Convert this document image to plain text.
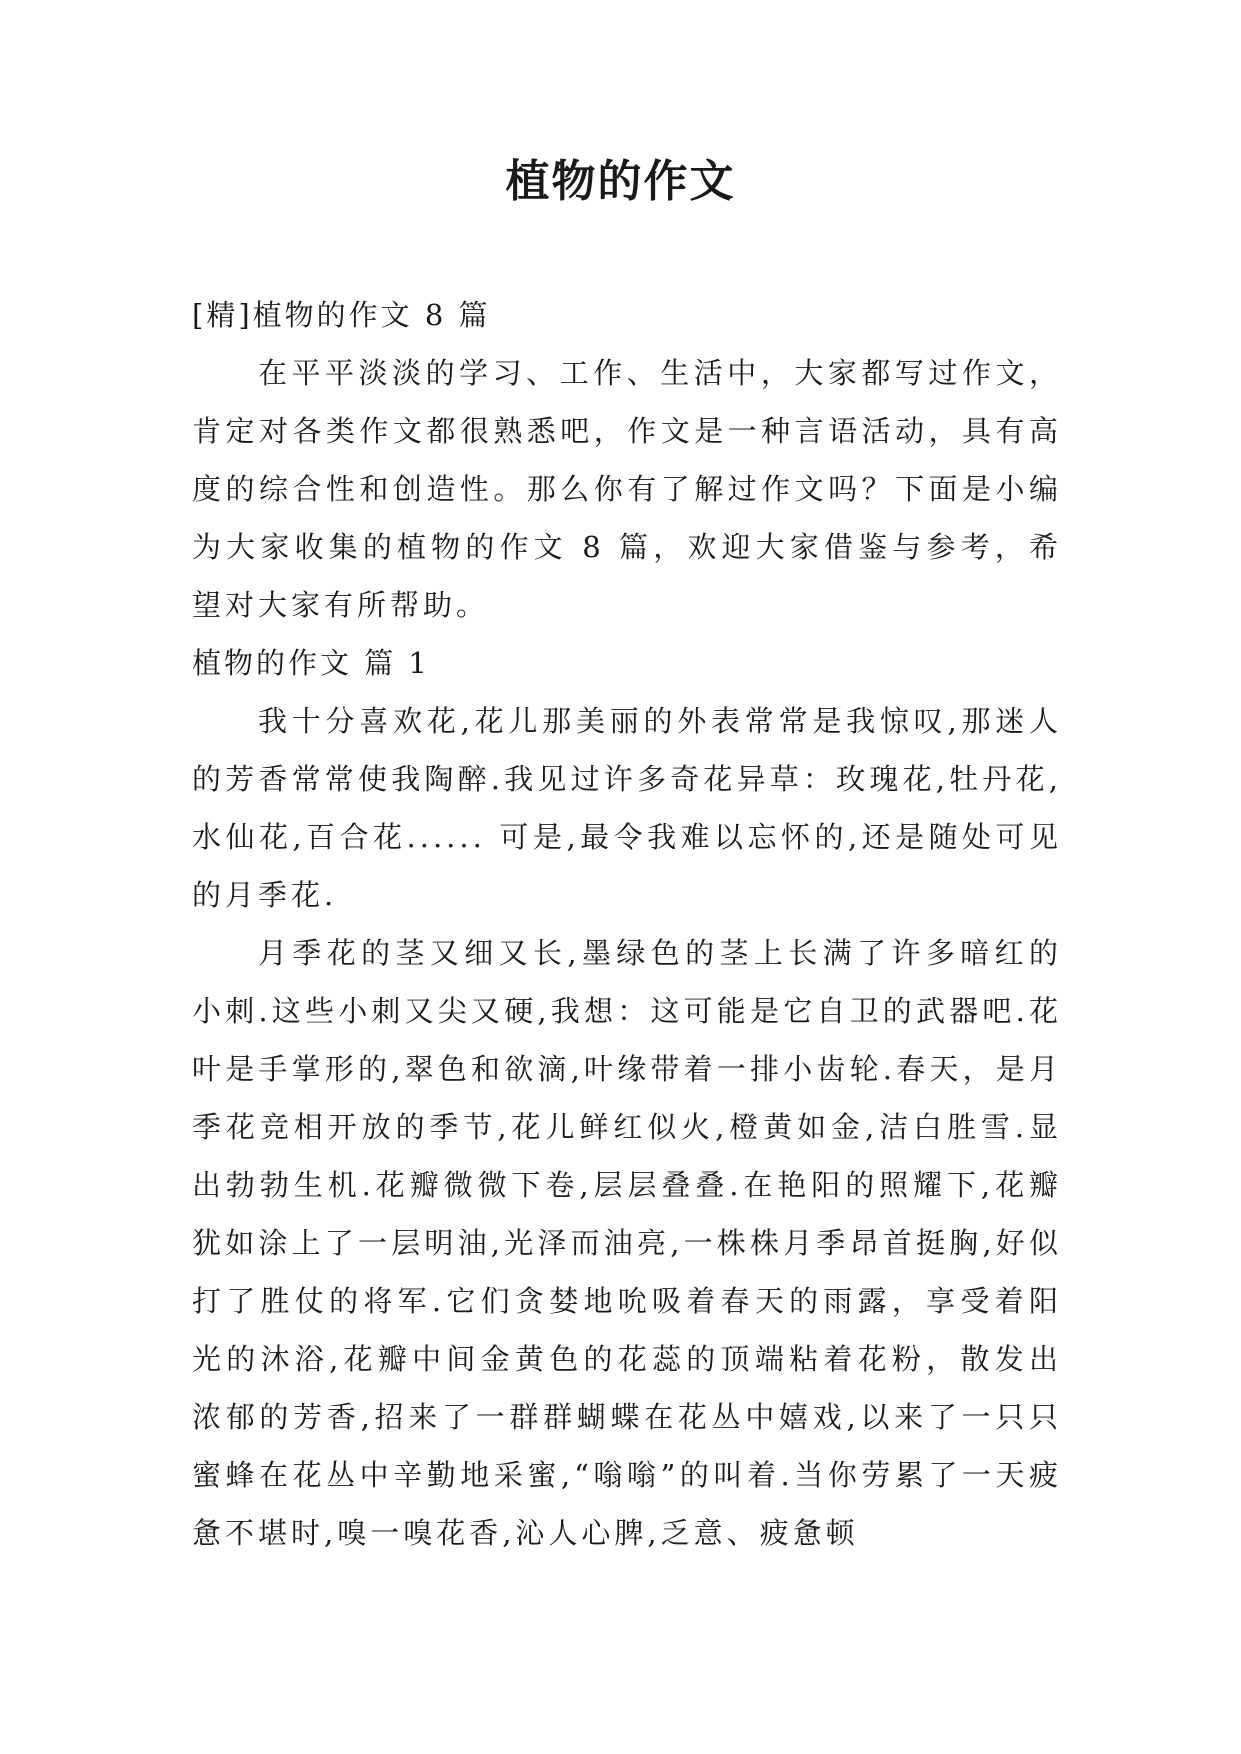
植物的作文

[精]植物的作文 8 篇

在平平淡淡的学习、工作、生活中，大家都写过作文，肯定对各类作文都很熟悉吧，作文是一种言语活动，具有高度的综合性和创造性。那么你有了解过作文吗？下面是小编为大家收集的植物的作文 8 篇，欢迎大家借鉴与参考，希望对大家有所帮助。

植物的作文 篇 1

我十分喜欢花,花儿那美丽的外表常常是我惊叹,那迷人的芳香常常使我陶醉.我见过许多奇花异草：玫瑰花,牡丹花,水仙花,百合花...... 可是,最令我难以忘怀的,还是随处可见的月季花.

月季花的茎又细又长,墨绿色的茎上长满了许多暗红的小刺.这些小刺又尖又硬,我想：这可能是它自卫的武器吧.花叶是手掌形的,翠色和欲滴,叶缘带着一排小齿轮.春天，是月季花竞相开放的季节,花儿鲜红似火,橙黄如金,洁白胜雪.显出勃勃生机.花瓣微微下卷,层层叠叠.在艳阳的照耀下,花瓣犹如涂上了一层明油,光泽而油亮,一株株月季昂首挺胸,好似打了胜仗的将军.它们贪婪地吮吸着春天的雨露，享受着阳光的沐浴,花瓣中间金黄色的花蕊的顶端粘着花粉，散发出浓郁的芳香,招来了一群群蝴蝶在花丛中嬉戏,以来了一只只蜜蜂在花丛中辛勤地采蜜,“嗡嗡”的叫着.当你劳累了一天疲惫不堪时,嗅一嗅花香,沁人心脾,乏意、疲惫顿
